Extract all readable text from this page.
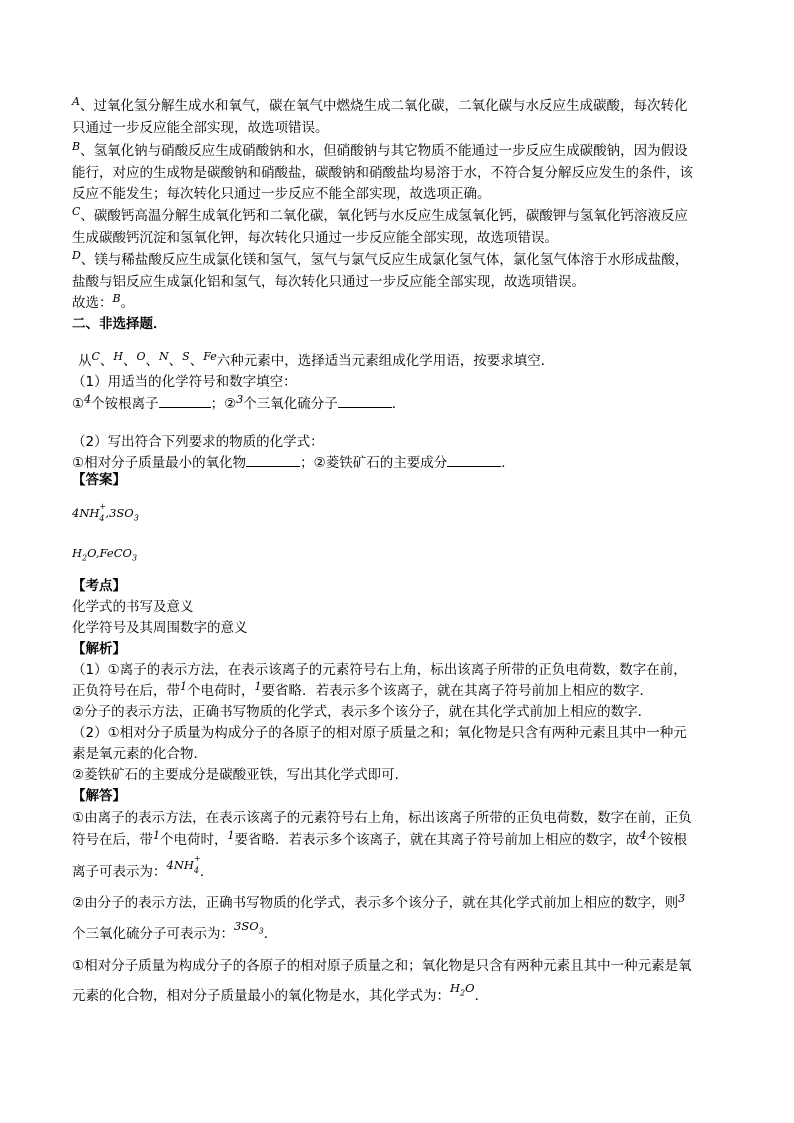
$^A$、过氧化氢分解生成水和氧气，碳在氧气中燃烧生成二氧化碳，二氧化碳与水反应生成碳酸，每次转化
只通过一步反应能全部实现，故选项错误。
$^B$、氢氧化钠与硝酸反应生成硝酸钠和水，但硝酸钠与其它物质不能通过一步反应生成碳酸钠，因为假设
能行，对应的生成物是碳酸钠和硝酸盐，碳酸钠和硝酸盐均易溶于水，不符合复分解反应发生的条件，该
反应不能发生；每次转化只通过一步反应不能全部实现，故选项正确。
$^C$、碳酸钙高温分解生成氧化钙和二氧化碳，氧化钙与水反应生成氢氧化钙，碳酸钾与氢氧化钙溶液反应
生成碳酸钙沉淀和氢氧化钾，每次转化只通过一步反应能全部实现，故选项错误。
$^D$、镁与稀盐酸反应生成氯化镁和氢气，氢气与氯气反应生成氯化氢气体，氯化氢气体溶于水形成盐酸，
盐酸与铝反应生成氯化铝和氢气，每次转化只通过一步反应能全部实现，故选项错误。
故选：$^B$。
二、非选择题．
从$^C$、$^H$、$^O$、$^N$、$^S$、$^{Fe}$六种元素中，选择适当元素组成化学用语，按要求填空．
（1）用适当的化学符号和数字填空：
①$^4$个铵根离子	；②$^3$个三氧化硫分子	．
（2）写出符合下列要求的物质的化学式：
①相对分子质量最小的氧化物	；②菱铁矿石的主要成分	．
【答案】
4NH +
4 $,3SO_3$
$H_2O,FeCO_3$
【考点】
化学式的书写及意义
化学符号及其周围数字的意义
【解析】
（1）①离子的表示方法，在表示该离子的元素符号右上角，标出该离子所带的正负电荷数，数字在前，
正负符号在后，带$^1$个电荷时，$^1$要省略．若表示多个该离子，就在其离子符号前加上相应的数字．
②分子的表示方法，正确书写物质的化学式，表示多个该分子，就在其化学式前加上相应的数字．
（2）①相对分子质量为构成分子的各原子的相对原子质量之和；氧化物是只含有两种元素且其中一种元
素是氧元素的化合物．
②菱铁矿石的主要成分是碳酸亚铁，写出其化学式即可．
【解答】
①由离子的表示方法，在表示该离子的元素符号右上角，标出该离子所带的正负电荷数，数字在前，正负
符号在后，带$^1$个电荷时，$^1$要省略．若表示多个该离子，就在其离子符号前加上相应的数字，故$^4$个铵根
离子可表示为：4NH +
4 ．
②由分子的表示方法，正确书写物质的化学式，表示多个该分子，就在其化学式前加上相应的数字，则$^3$
个三氧化硫分子可表示为：$3SO_3$．
①相对分子质量为构成分子的各原子的相对原子质量之和；氧化物是只含有两种元素且其中一种元素是氧
元素的化合物，相对分子质量最小的氧化物是水，其化学式为：$H_2O$．
